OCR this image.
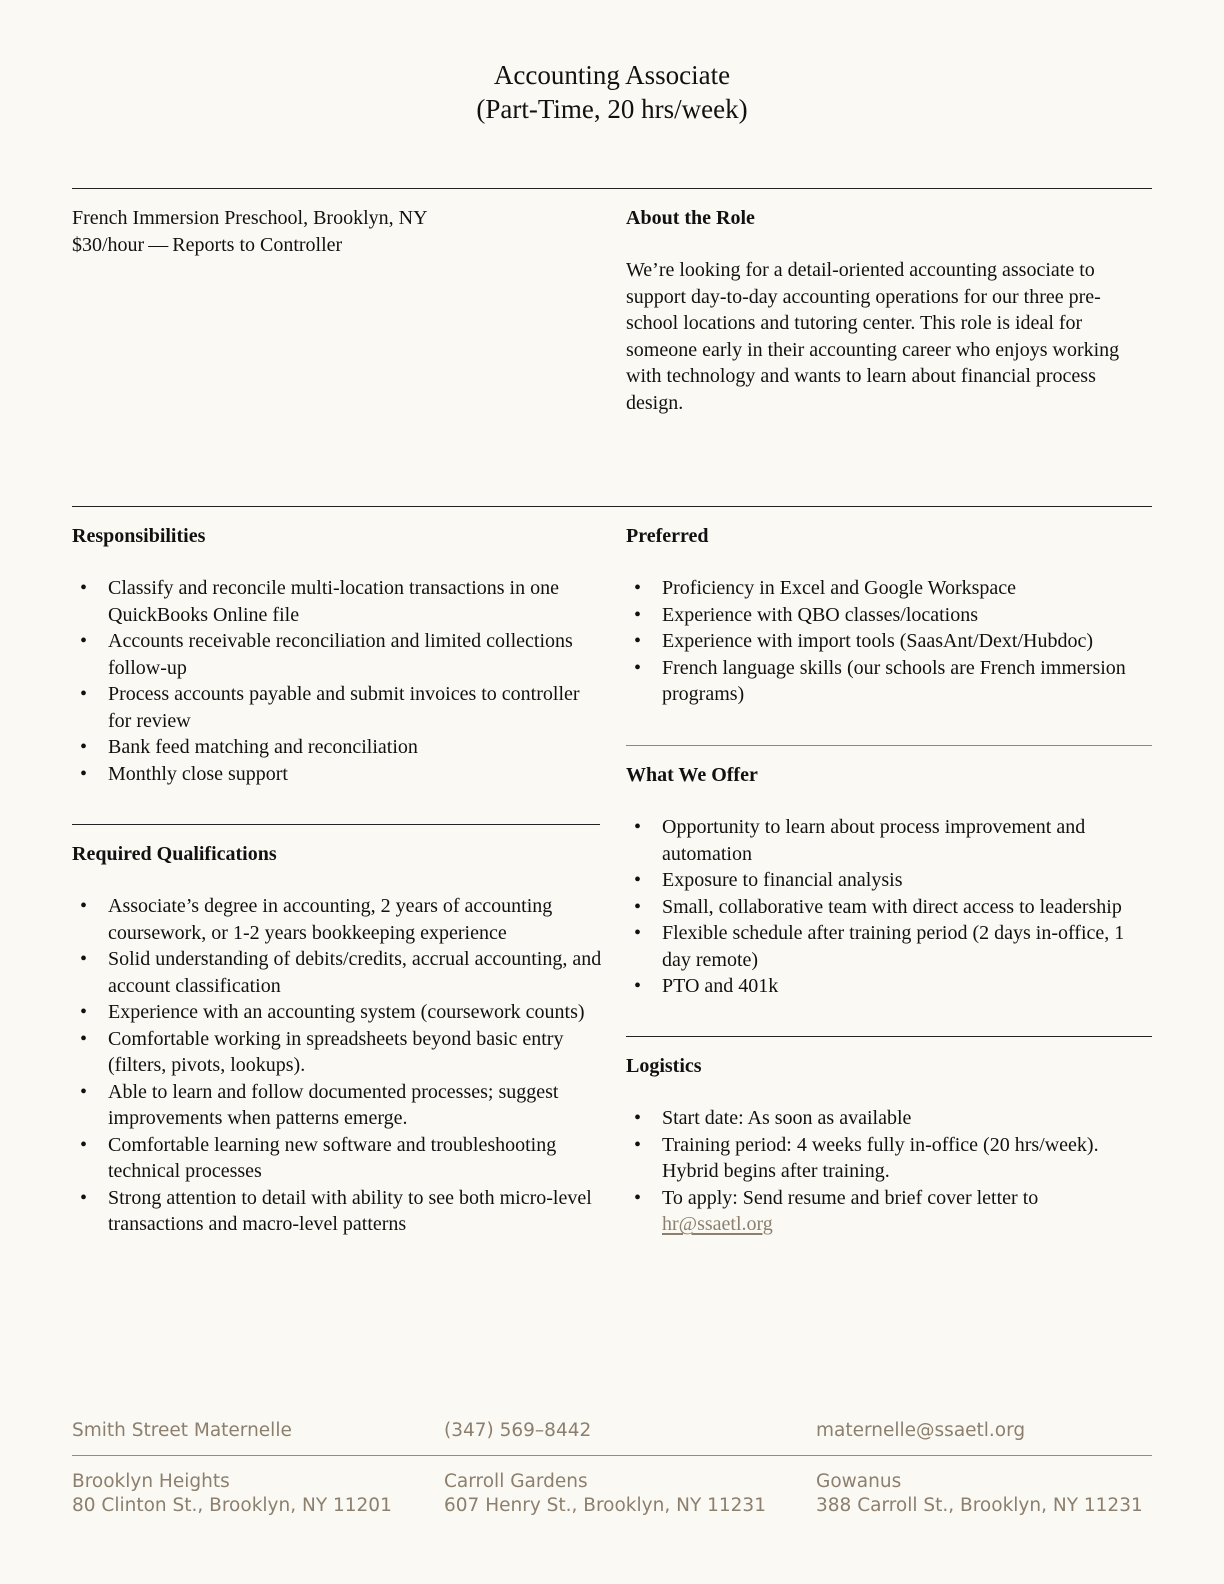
Accounting Associate
(Part-Time, 20 hrs/week)

French Immersion Preschool, Brooklyn, NY

$30/hour — Reports to Controller

About the Role

We’re looking for a detail-oriented accounting associate to support day-to-day accounting operations for our three pre-school locations and tutoring center. This role is ideal for someone early in their accounting career who enjoys working with technology and wants to learn about financial process design.

Responsibilities
• Classify and reconcile multi-location transactions in one QuickBooks Online file
• Accounts receivable reconciliation and limited collections follow-up
• Process accounts payable and submit invoices to controller for review
• Bank feed matching and reconciliation
• Monthly close support
Required Qualifications
• Associate’s degree in accounting, 2 years of accounting coursework, or 1-2 years bookkeeping experience
• Solid understanding of debits/credits, accrual accounting, and account classification
• Experience with an accounting system (coursework counts)
• Comfortable working in spreadsheets beyond basic entry (filters, pivots, lookups).
• Able to learn and follow documented processes; suggest improvements when patterns emerge.
• Comfortable learning new software and troubleshooting technical processes
• Strong attention to detail with ability to see both micro-level transactions and macro-level patterns
Preferred
• Proficiency in Excel and Google Workspace
• Experience with QBO classes/locations
• Experience with import tools (SaasAnt/Dext/Hubdoc)
• French language skills (our schools are French immersion programs)
What We Offer
• Opportunity to learn about process improvement and automation
• Exposure to financial analysis
• Small, collaborative team with direct access to leadership
• Flexible schedule after training period (2 days in-office, 1 day remote)
• PTO and 401k
Logistics
• Start date: As soon as available
• Training period: 4 weeks fully in-office (20 hrs/week). Hybrid begins after training.
• To apply: Send resume and brief cover letter to
hr@ssaetl.org
Smith Street Maternelle	(347) 569–8442	maternelle@ssaetl.org
Brooklyn Heights
80 Clinton St., Brooklyn, NY 11201
Carroll Gardens
607 Henry St., Brooklyn, NY 11231
Gowanus
388 Carroll St., Brooklyn, NY 11231
